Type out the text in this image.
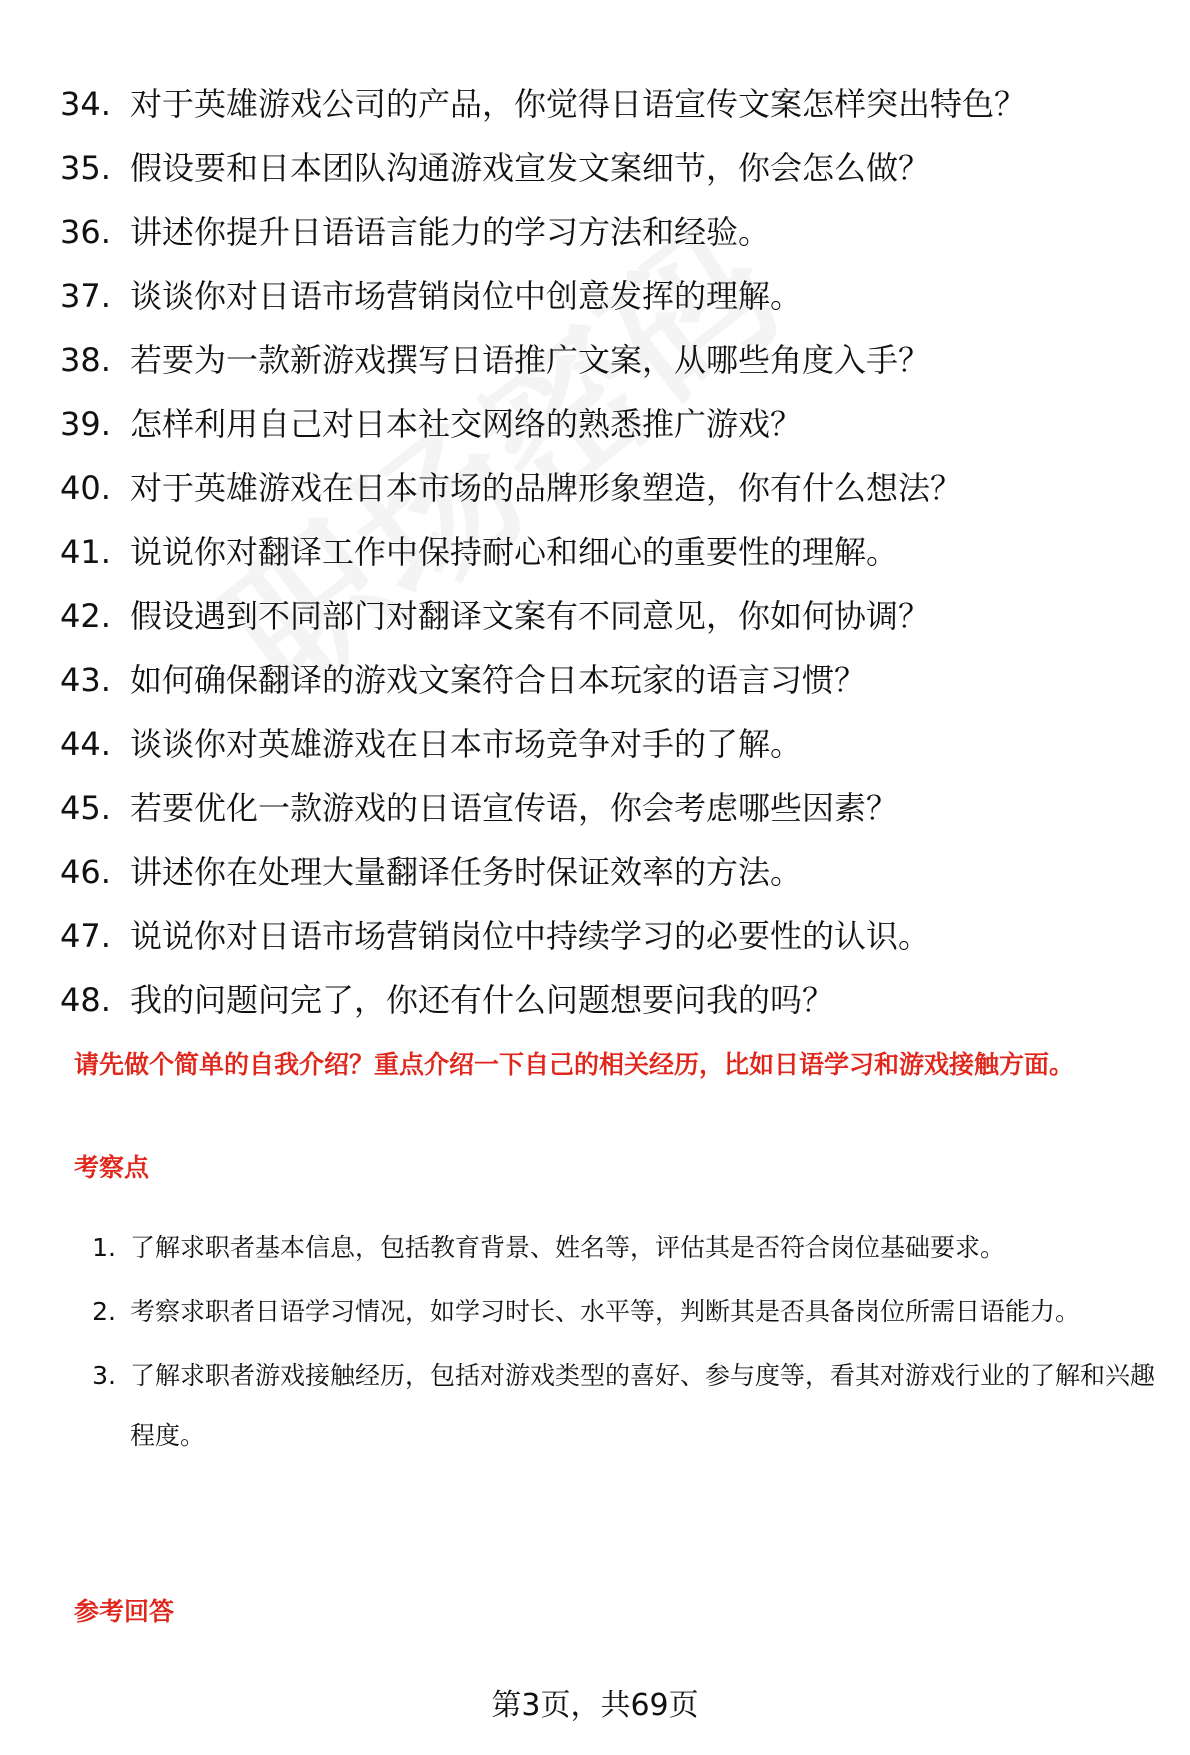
34. 对于英雄游戏公司的产品，你觉得日语宣传文案怎样突出特色？
35. 假设要和日本团队沟通游戏宣发文案细节，你会怎么做？
36. 讲述你提升日语语言能力的学习方法和经验。
37. 谈谈你对日语市场营销岗位中创意发挥的理解。
38. 若要为一款新游戏撰写日语推广文案，从哪些角度入手？
39. 怎样利用自己对日本社交网络的熟悉推广游戏？
40. 对于英雄游戏在日本市场的品牌形象塑造，你有什么想法？
41. 说说你对翻译工作中保持耐心和细心的重要性的理解。
42. 假设遇到不同部门对翻译文案有不同意见，你如何协调？
43. 如何确保翻译的游戏文案符合日本玩家的语言习惯？
44. 谈谈你对英雄游戏在日本市场竞争对手的了解。
45. 若要优化一款游戏的日语宣传语，你会考虑哪些因素？
46. 讲述你在处理大量翻译任务时保证效率的方法。
47. 说说你对日语市场营销岗位中持续学习的必要性的认识。
48. 我的问题问完了，你还有什么问题想要问我的吗？
请先做个简单的自我介绍？重点介绍一下自己的相关经历，比如日语学习和游戏接触方面。
考察点
1. 了解求职者基本信息，包括教育背景、姓名等，评估其是否符合岗位基础要求。
2. 考察求职者日语学习情况，如学习时长、水平等，判断其是否具备岗位所需日语能力。
3. 了解求职者游戏接触经历，包括对游戏类型的喜好、参与度等，看其对游戏行业的了解和兴趣程度。
参考回答
第3页，共69页
